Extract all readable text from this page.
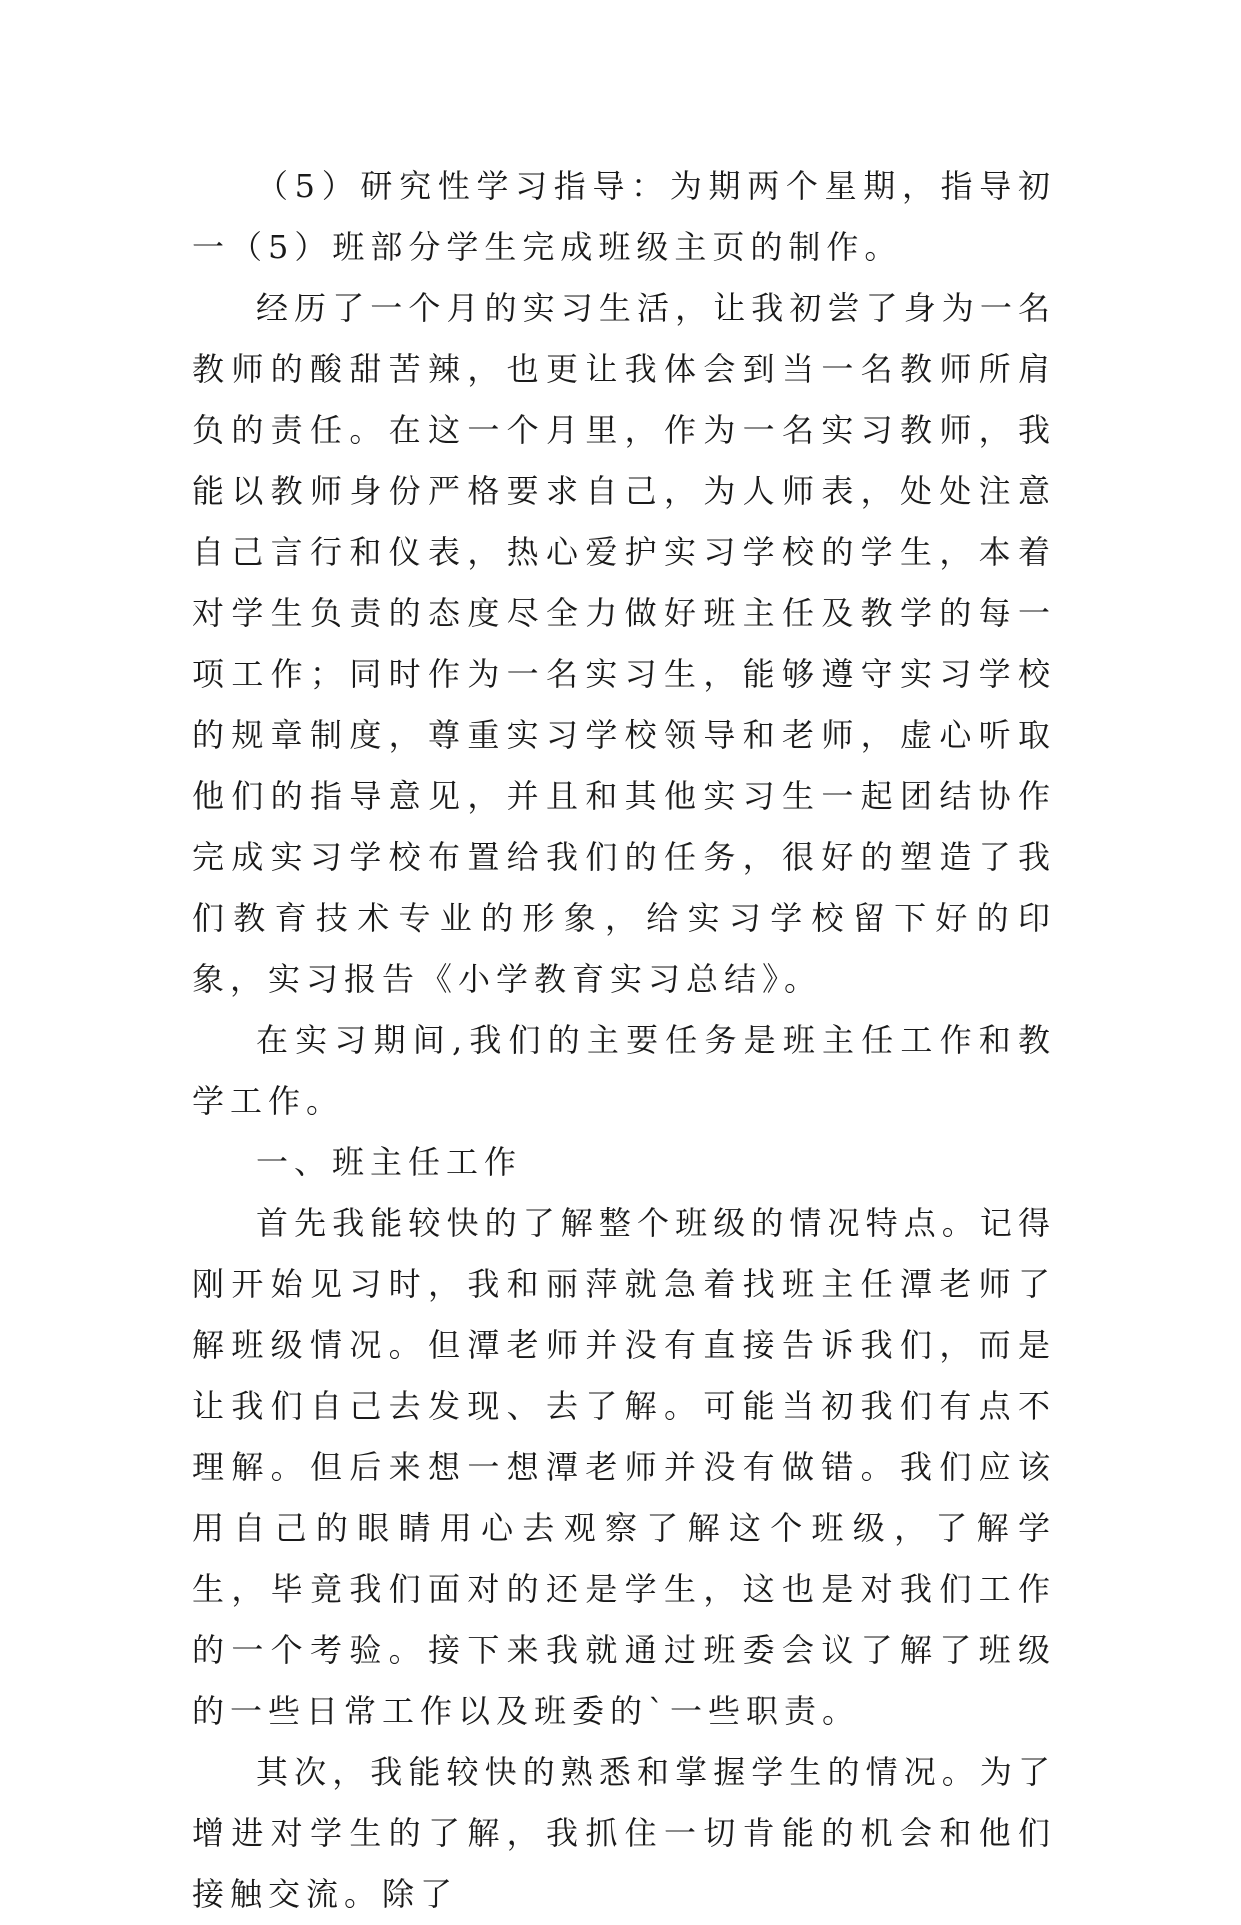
（5）研究性学习指导：为期两个星期，指导初一（5）班部分学生完成班级主页的制作。

经历了一个月的实习生活，让我初尝了身为一名教师的酸甜苦辣，也更让我体会到当一名教师所肩负的责任。在这一个月里，作为一名实习教师，我能以教师身份严格要求自己，为人师表，处处注意自己言行和仪表，热心爱护实习学校的学生，本着对学生负责的态度尽全力做好班主任及教学的每一项工作；同时作为一名实习生，能够遵守实习学校的规章制度，尊重实习学校领导和老师，虚心听取他们的指导意见，并且和其他实习生一起团结协作完成实习学校布置给我们的任务，很好的塑造了我们教育技术专业的形象，给实习学校留下好的印象，实习报告《小学教育实习总结》。

在实习期间,我们的主要任务是班主任工作和教学工作。

一、班主任工作

首先我能较快的了解整个班级的情况特点。记得刚开始见习时，我和丽萍就急着找班主任潭老师了解班级情况。但潭老师并没有直接告诉我们，而是让我们自己去发现、去了解。可能当初我们有点不理解。但后来想一想潭老师并没有做错。我们应该用自己的眼睛用心去观察了解这个班级，了解学生，毕竟我们面对的还是学生，这也是对我们工作的一个考验。接下来我就通过班委会议了解了班级的一些日常工作以及班委的`一些职责。

其次，我能较快的熟悉和掌握学生的情况。为了增进对学生的了解，我抓住一切肯能的机会和他们接触交流。除了
